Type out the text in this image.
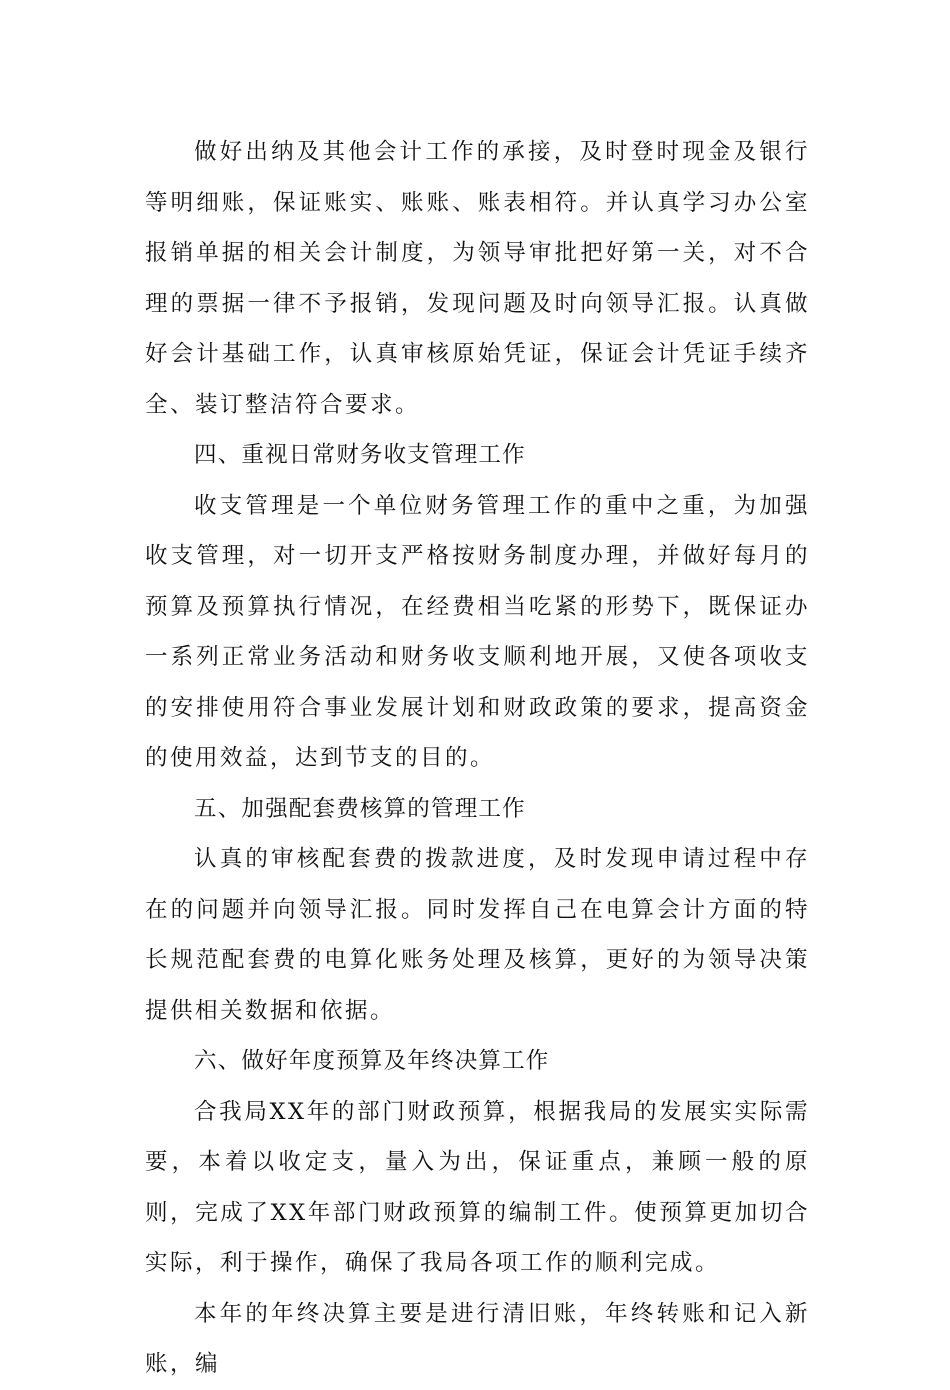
做好出纳及其他会计工作的承接，及时登时现金及银行等明细账，保证账实、账账、账表相符。并认真学习办公室报销单据的相关会计制度，为领导审批把好第一关，对不合理的票据一律不予报销，发现问题及时向领导汇报。认真做好会计基础工作，认真审核原始凭证，保证会计凭证手续齐全、装订整洁符合要求。

四、重视日常财务收支管理工作

收支管理是一个单位财务管理工作的重中之重，为加强收支管理，对一切开支严格按财务制度办理，并做好每月的预算及预算执行情况，在经费相当吃紧的形势下，既保证办一系列正常业务活动和财务收支顺利地开展，又使各项收支的安排使用符合事业发展计划和财政政策的要求，提高资金的使用效益，达到节支的目的。

五、加强配套费核算的管理工作

认真的审核配套费的拨款进度，及时发现申请过程中存在的问题并向领导汇报。同时发挥自己在电算会计方面的特长规范配套费的电算化账务处理及核算，更好的为领导决策提供相关数据和依据。

六、做好年度预算及年终决算工作

合我局XX年的部门财政预算，根据我局的发展实实际需要，本着以收定支，量入为出，保证重点，兼顾一般的原则，完成了XX年部门财政预算的编制工件。使预算更加切合实际，利于操作，确保了我局各项工作的顺利完成。

本年的年终决算主要是进行清旧账，年终转账和记入新账，编
